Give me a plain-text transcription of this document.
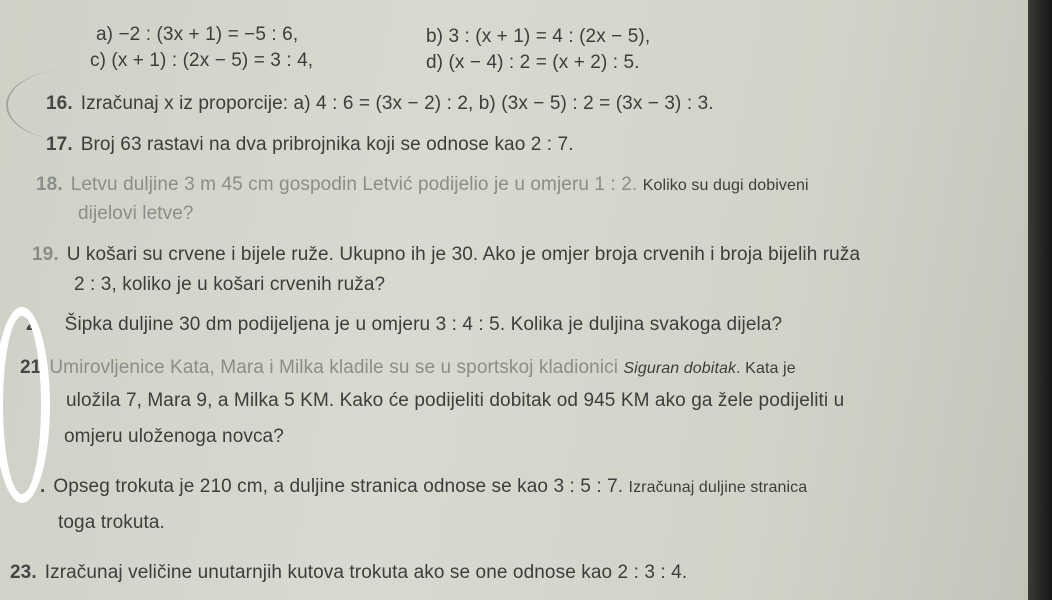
a) −2 : (3x + 1) = −5 : 6,	b) 3 : (x + 1) = 4 : (2x − 5),
c) (x + 1) : (2x − 5) = 3 : 4,	d) (x − 4) : 2 = (x + 2) : 5.
16. Izračunaj x iz proporcije: a) 4 : 6 = (3x − 2) : 2, b) (3x − 5) : 2 = (3x − 3) : 3.
17. Broj 63 rastavi na dva pribrojnika koji se odnose kao 2 : 7.
18. Letvu duljine 3 m 45 cm gospodin Letvić podijelio je u omjeru 1 : 2. Koliko su dugi dobiveni
dijelovi letve?
19. U košari su crvene i bijele ruže. Ukupno ih je 30. Ako je omjer broja crvenih i broja bijelih ruža
2 : 3, koliko je u košari crvenih ruža?
2 Šipka duljine 30 dm podijeljena je u omjeru 3 : 4 : 5. Kolika je duljina svakoga dijela?
21 Umirovljenice Kata, Mara i Milka kladile su se u sportskoj kladionici Siguran dobitak. Kata je
uložila 7, Mara 9, a Milka 5 KM. Kako će podijeliti dobitak od 945 KM ako ga žele podijeliti u
omjeru uloženoga novca?
. Opseg trokuta je 210 cm, a duljine stranica odnose se kao 3 : 5 : 7. Izračunaj duljine stranica
toga trokuta.
23. Izračunaj veličine unutarnjih kutova trokuta ako se one odnose kao 2 : 3 : 4.
